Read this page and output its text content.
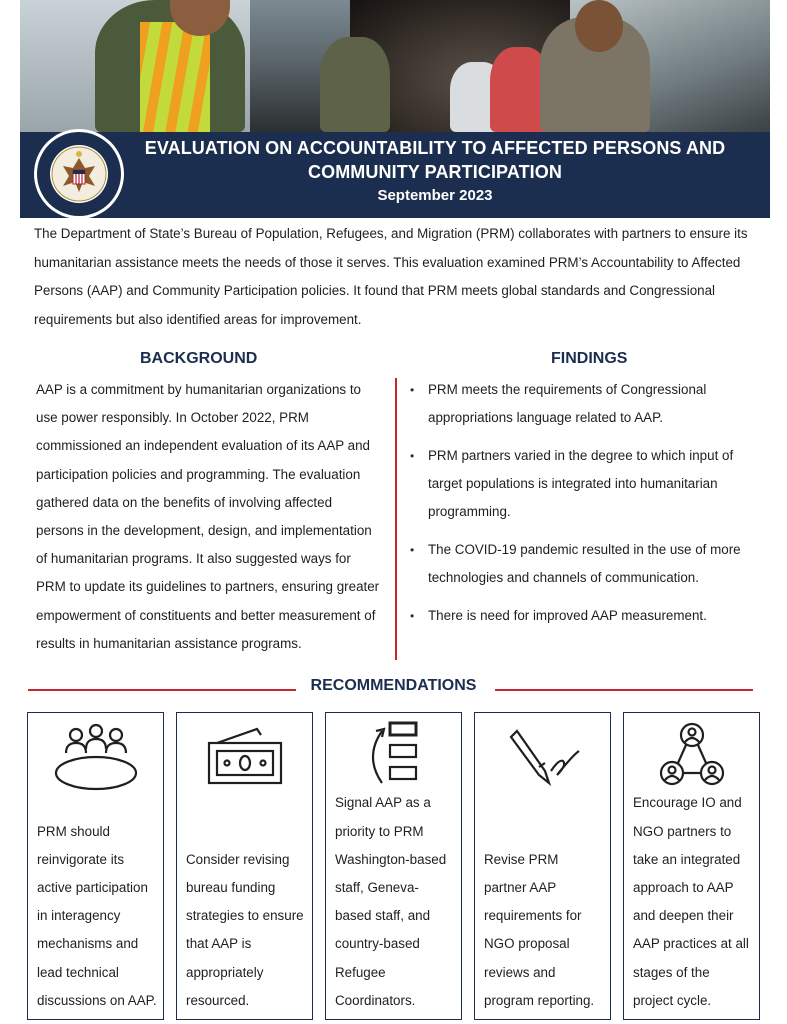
EVALUATION ON ACCOUNTABILITY TO AFFECTED PERSONS AND COMMUNITY PARTICIPATION
September 2023

The Department of State’s Bureau of Population, Refugees, and Migration (PRM) collaborates with partners to ensure its humanitarian assistance meets the needs of those it serves. This evaluation examined PRM’s Accountability to Affected Persons (AAP) and Community Participation policies. It found that PRM meets global standards and Congressional requirements but also identified areas for improvement.

BACKGROUND

AAP is a commitment by humanitarian organizations to use power responsibly. In October 2022, PRM commissioned an independent evaluation of its AAP and participation policies and programming. The evaluation gathered data on the benefits of involving affected persons in the development, design, and implementation of humanitarian programs. It also suggested ways for PRM to update its guidelines to partners, ensuring greater empowerment of constituents and better measurement of results in humanitarian assistance programs.

FINDINGS
• PRM meets the requirements of Congressional appropriations language related to AAP.
• PRM partners varied in the degree to which input of target populations is integrated into humanitarian programming.
• The COVID-19 pandemic resulted in the use of more technologies and channels of communication.
• There is need for improved AAP measurement.
RECOMMENDATIONS

PRM should reinvigorate its active participation in interagency mechanisms and lead technical discussions on AAP.

Consider revising bureau funding strategies to ensure that AAP is appropriately resourced.

Signal AAP as a priority to PRM Washington-based staff, Geneva-based staff, and country-based Refugee Coordinators.

Revise PRM partner AAP requirements for NGO proposal reviews and program reporting.

Encourage IO and NGO partners to take an integrated approach to AAP and deepen their AAP practices at all stages of the project cycle.
